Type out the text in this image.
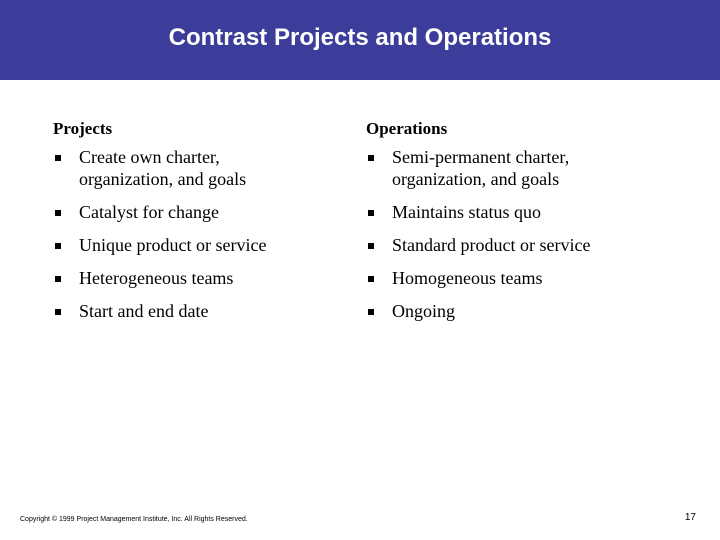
Contrast Projects and Operations
Projects
Create own charter,
organization, and goals
Catalyst for change
Unique product or service
Heterogeneous teams
Start and end date
Operations
Semi-permanent charter,
organization, and goals
Maintains status quo
Standard product or service
Homogeneous teams
Ongoing
Copyright © 1999 Project Management Institute, Inc. All Rights Reserved.	17
